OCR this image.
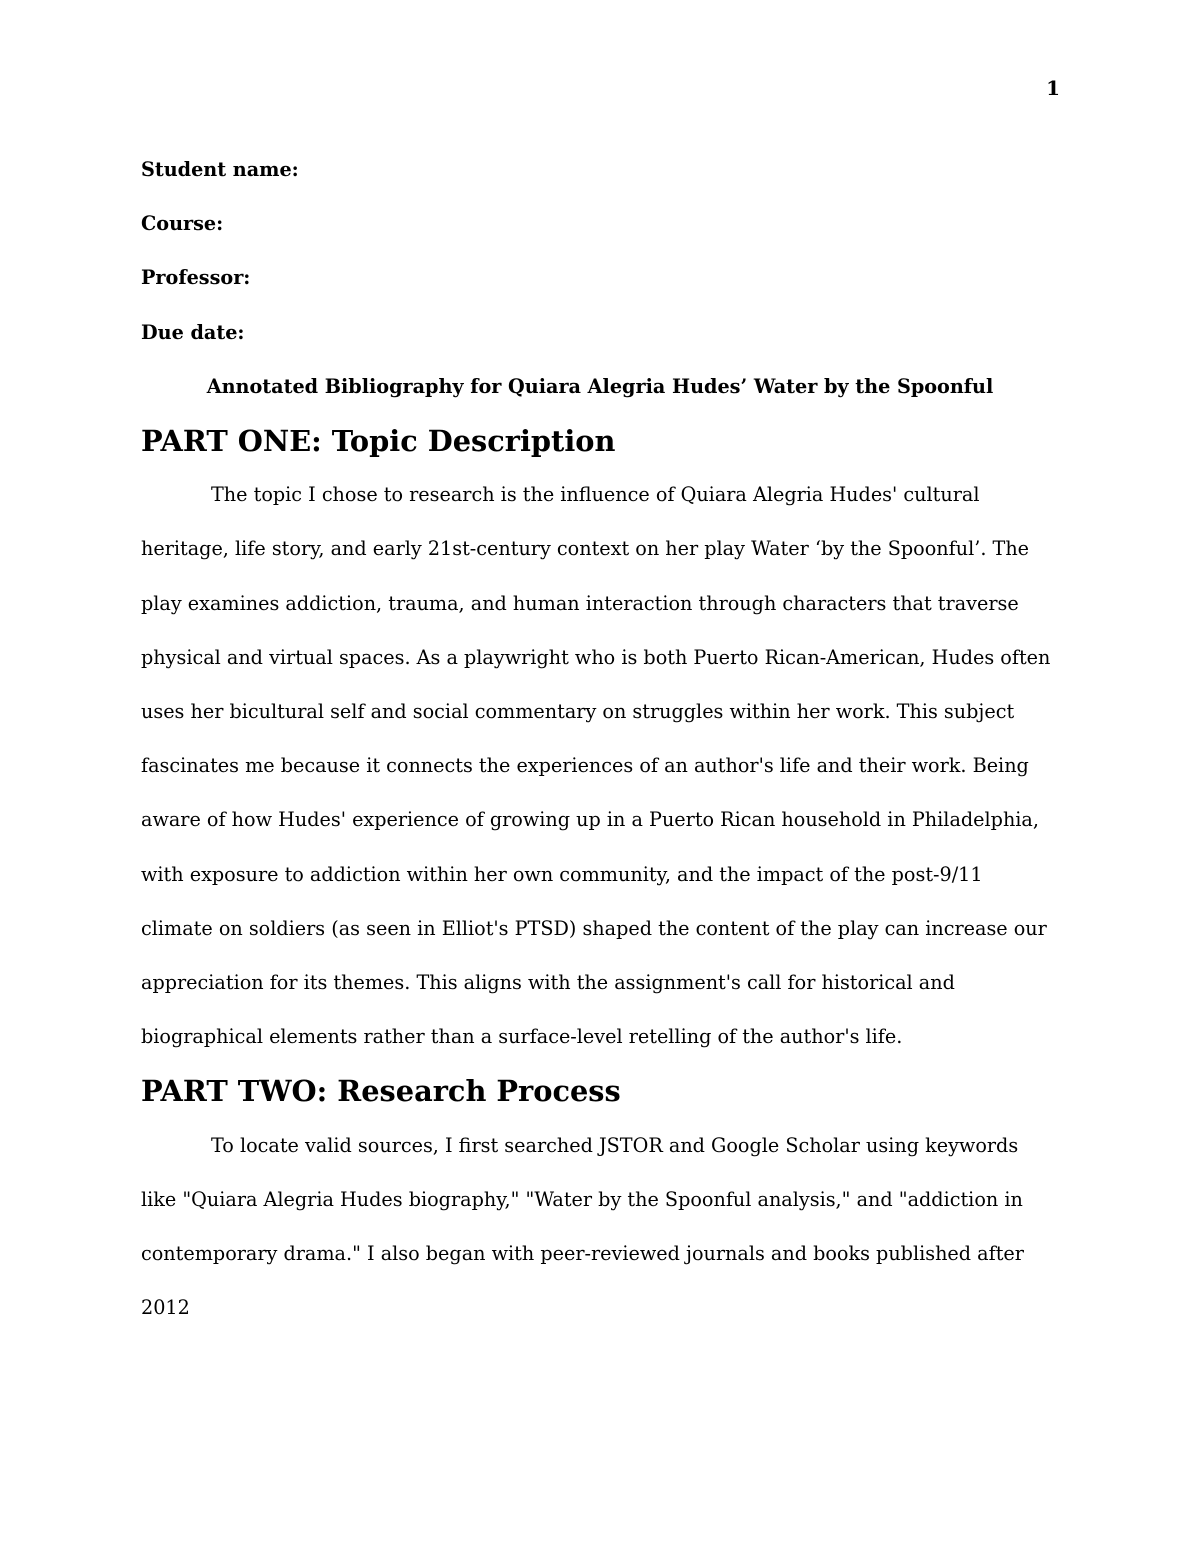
1

Student name:

Course:

Professor:

Due date:

Annotated Bibliography for Quiara Alegria Hudes’ Water by the Spoonful
PART ONE: Topic Description

The topic I chose to research is the influence of Quiara Alegria Hudes' cultural heritage, life story, and early 21st-century context on her play Water ‘by the Spoonful’. The play examines addiction, trauma, and human interaction through characters that traverse physical and virtual spaces. As a playwright who is both Puerto Rican-American, Hudes often uses her bicultural self and social commentary on struggles within her work. This subject fascinates me because it connects the experiences of an author's life and their work. Being aware of how Hudes' experience of growing up in a Puerto Rican household in Philadelphia, with exposure to addiction within her own community, and the impact of the post-9/11 climate on soldiers (as seen in Elliot's PTSD) shaped the content of the play can increase our appreciation for its themes. This aligns with the assignment's call for historical and biographical elements rather than a surface-level retelling of the author's life.

PART TWO: Research Process

To locate valid sources, I first searched JSTOR and Google Scholar using keywords like "Quiara Alegria Hudes biography," "Water by the Spoonful analysis," and "addiction in contemporary drama." I also began with peer-reviewed journals and books published after 2012
